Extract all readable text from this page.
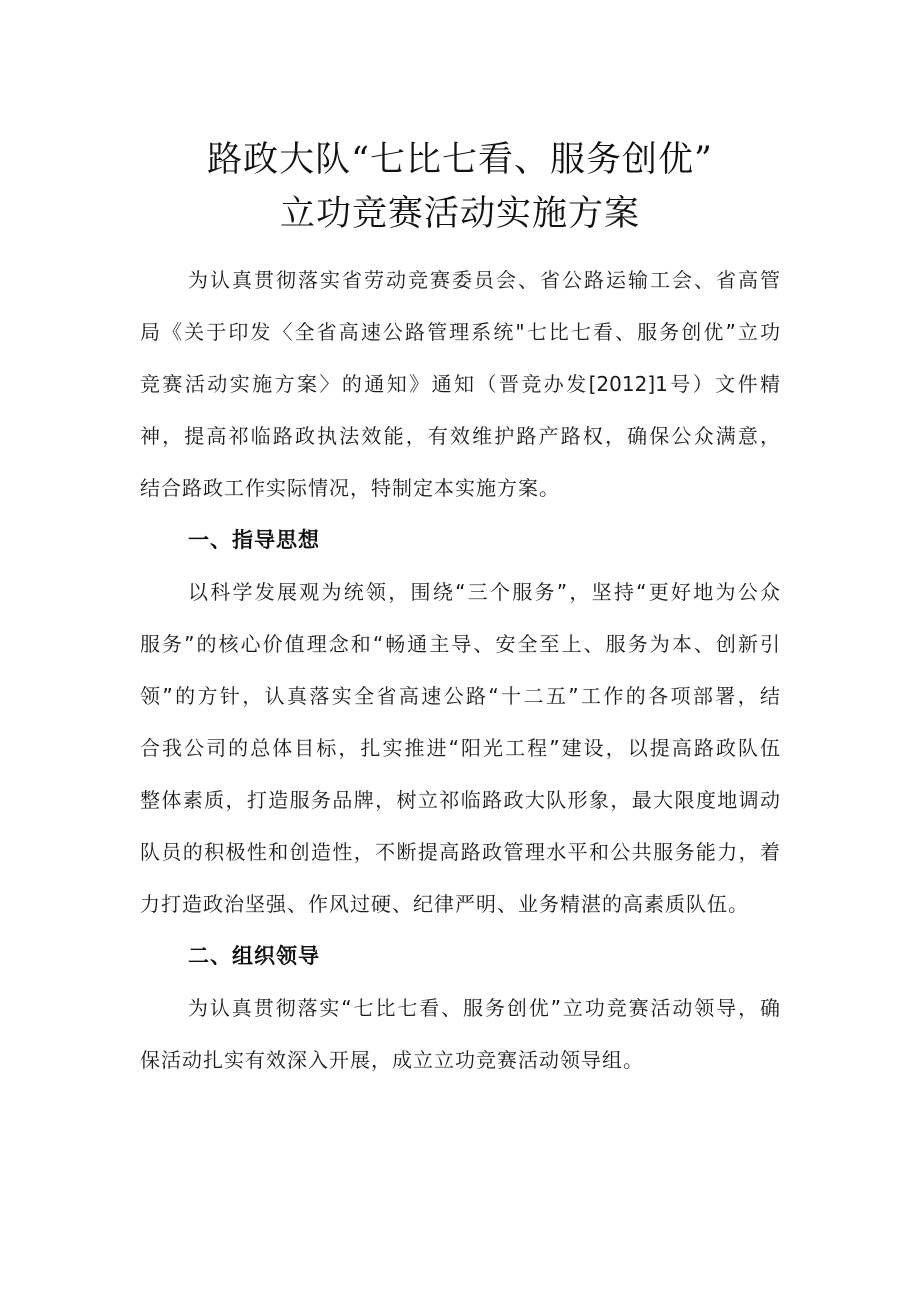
路政大队“七比七看、服务创优”
立功竞赛活动实施方案
为认真贯彻落实省劳动竞赛委员会、省公路运输工会、省高管
局《关于印发〈全省高速公路管理系统"七比七看、服务创优”立功
竞赛活动实施方案〉的通知》通知（晋竞办发[2012]1号）文件精
神，提高祁临路政执法效能，有效维护路产路权，确保公众满意，
结合路政工作实际情况，特制定本实施方案。
一、指导思想
以科学发展观为统领，围绕“三个服务”，坚持“更好地为公众
服务”的核心价值理念和“畅通主导、安全至上、服务为本、创新引
领”的方针，认真落实全省高速公路“十二五”工作的各项部署，结
合我公司的总体目标，扎实推进“阳光工程”建设，以提高路政队伍
整体素质，打造服务品牌，树立祁临路政大队形象，最大限度地调动
队员的积极性和创造性，不断提高路政管理水平和公共服务能力，着
力打造政治坚强、作风过硬、纪律严明、业务精湛的高素质队伍。
二、组织领导
为认真贯彻落实“七比七看、服务创优”立功竞赛活动领导，确
保活动扎实有效深入开展，成立立功竞赛活动领导组。
